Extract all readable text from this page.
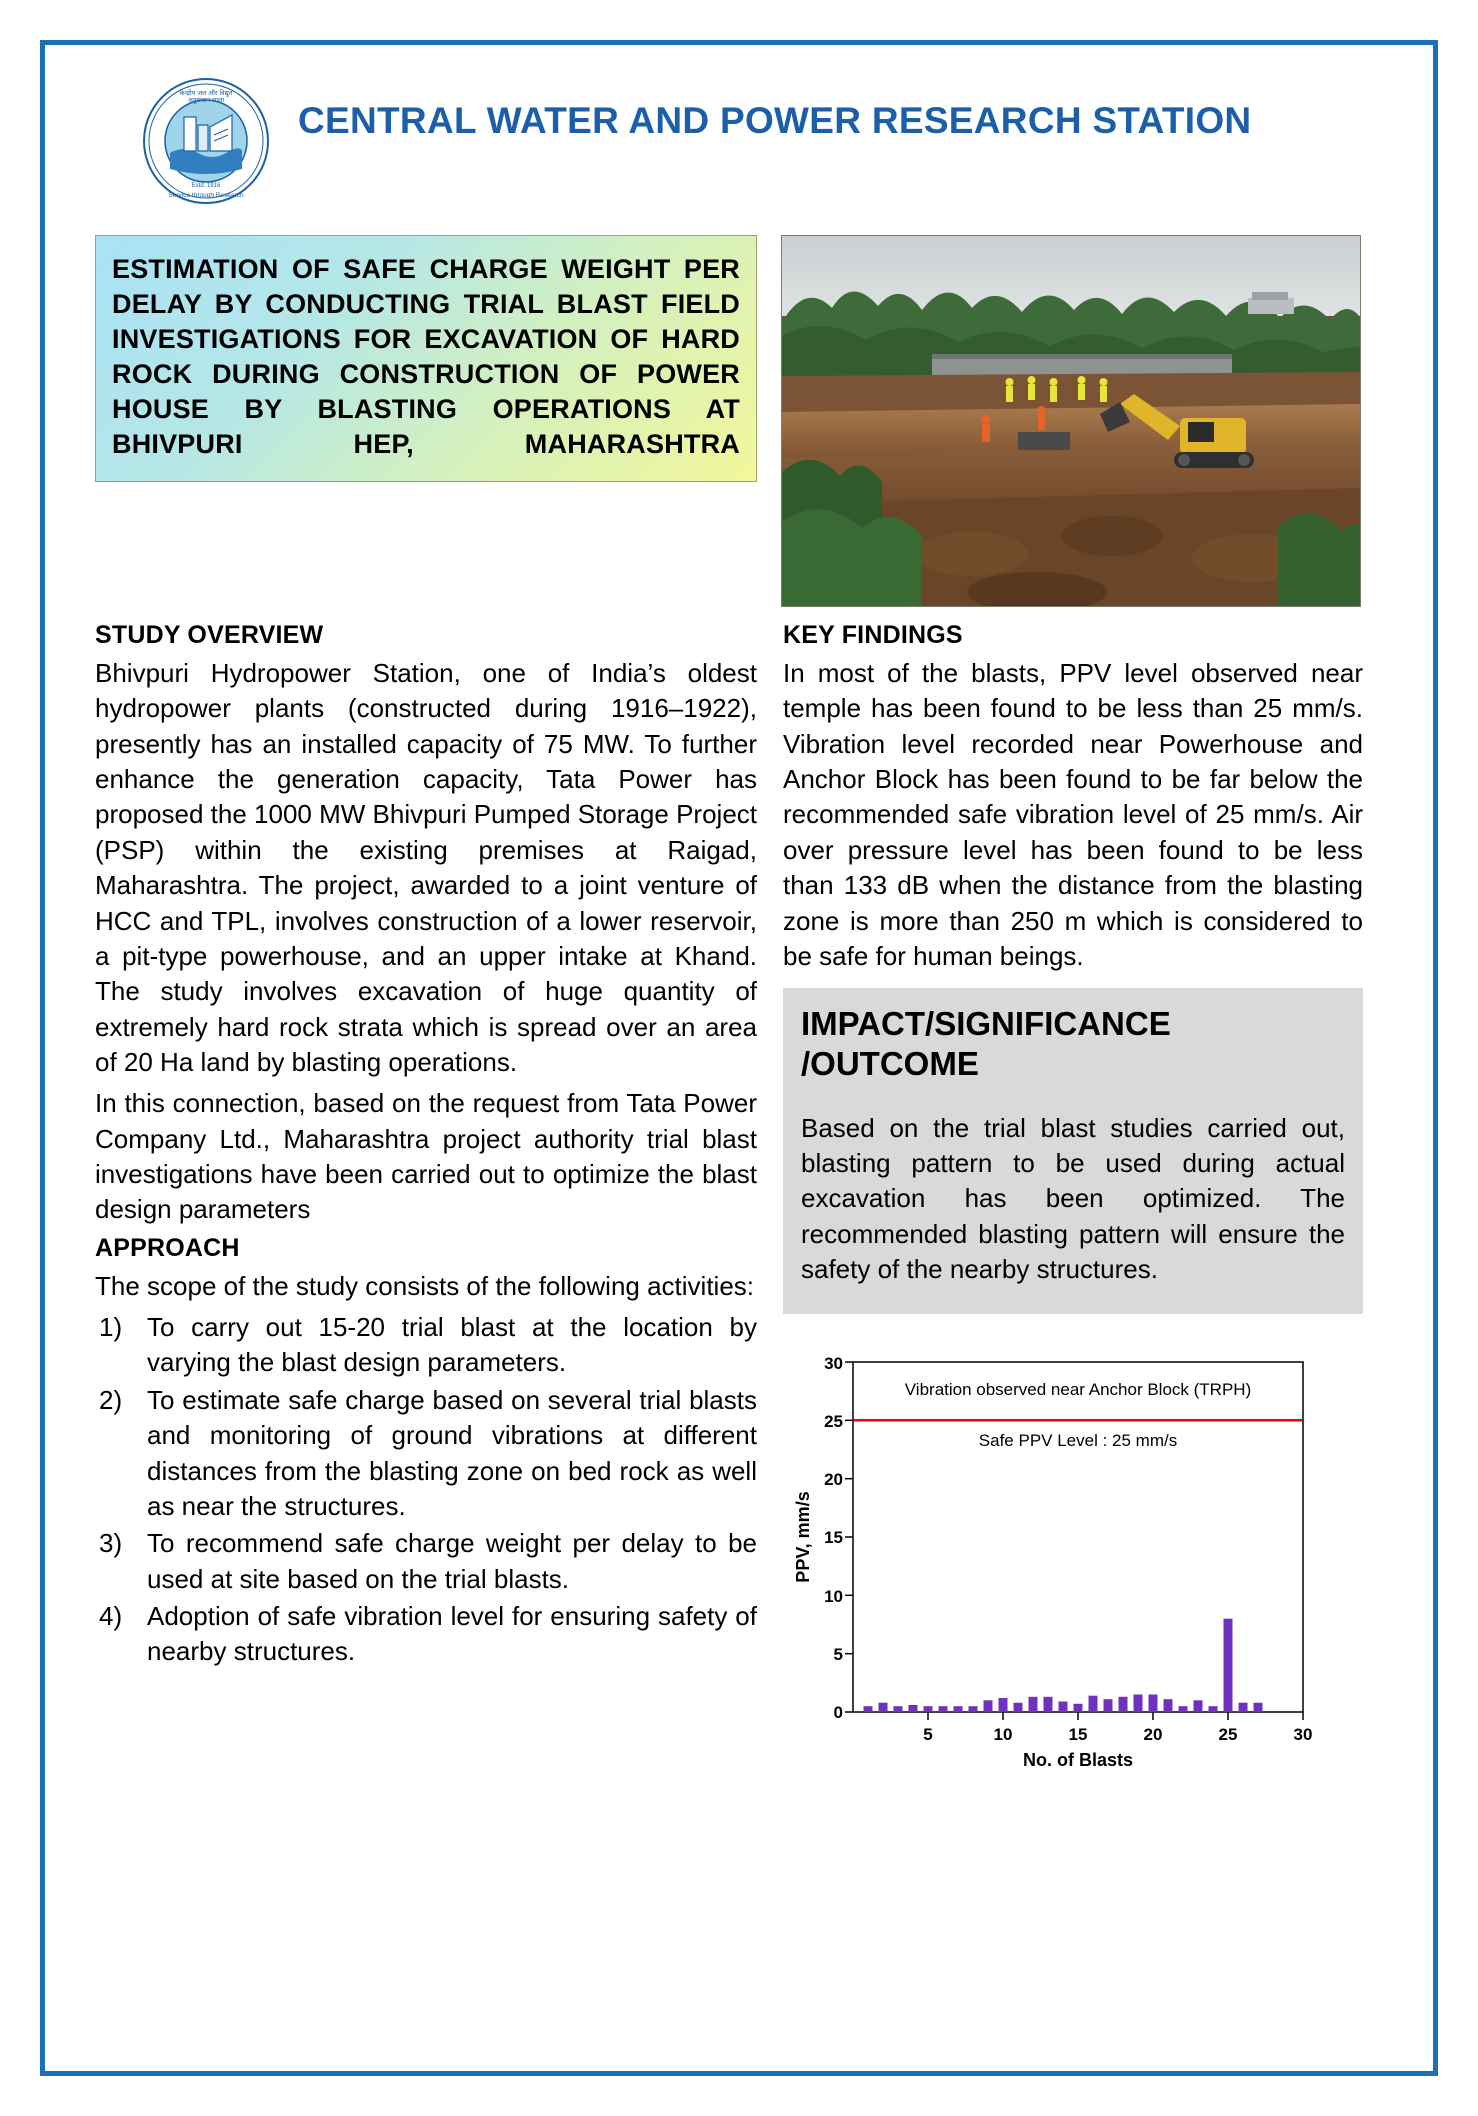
केन्द्रीय जल और विद्युत
अनुसंधान शाला
Estd. 1916
Service through Research
CENTRAL WATER AND POWER RESEARCH STATION

ESTIMATION OF SAFE CHARGE WEIGHT PER DELAY BY CONDUCTING TRIAL BLAST FIELD INVESTIGATIONS FOR EXCAVATION OF HARD ROCK DURING CONSTRUCTION OF POWER HOUSE BY BLASTING OPERATIONS AT BHIVPURI HEP, MAHARASHTRA

STUDY OVERVIEW

Bhivpuri Hydropower Station, one of India’s oldest hydropower plants (constructed during 1916–1922), presently has an installed capacity of 75 MW. To further enhance the generation capacity, Tata Power has proposed the 1000 MW Bhivpuri Pumped Storage Project (PSP) within the existing premises at Raigad, Maharashtra. The project, awarded to a joint venture of HCC and TPL, involves construction of a lower reservoir, a pit-type powerhouse, and an upper intake at Khand. The study involves excavation of huge quantity of extremely hard rock strata which is spread over an area of 20 Ha land by blasting operations.

In this connection, based on the request from Tata Power Company Ltd., Maharashtra project authority trial blast investigations have been carried out to optimize the blast design parameters

APPROACH

The scope of the study consists of the following activities:

To carry out 15-20 trial blast at the location by varying the blast design parameters.
To estimate safe charge based on several trial blasts and monitoring of ground vibrations at different distances from the blasting zone on bed rock as well as near the structures.
To recommend safe charge weight per delay to be used at site based on the trial blasts.
Adoption of safe vibration level for ensuring safety of nearby structures.
KEY FINDINGS

In most of the blasts, PPV level observed near temple has been found to be less than 25 mm/s. Vibration level recorded near Powerhouse and Anchor Block has been found to be far below the recommended safe vibration level of 25 mm/s. Air over pressure level has been found to be less than 133 dB when the distance from the blasting zone is more than 250 m which is considered to be safe for human beings.

IMPACT/SIGNIFICANCE /OUTCOME

Based on the trial blast studies carried out, blasting pattern to be used during actual excavation has been optimized. The recommended blasting pattern will ensure the safety of the nearby structures.

0
5
10
15
20
25
30
5	10	15	20	25	30
No. of Blasts
PPV, mm/s
Vibration observed near Anchor Block (TRPH)
Safe PPV Level : 25 mm/s
